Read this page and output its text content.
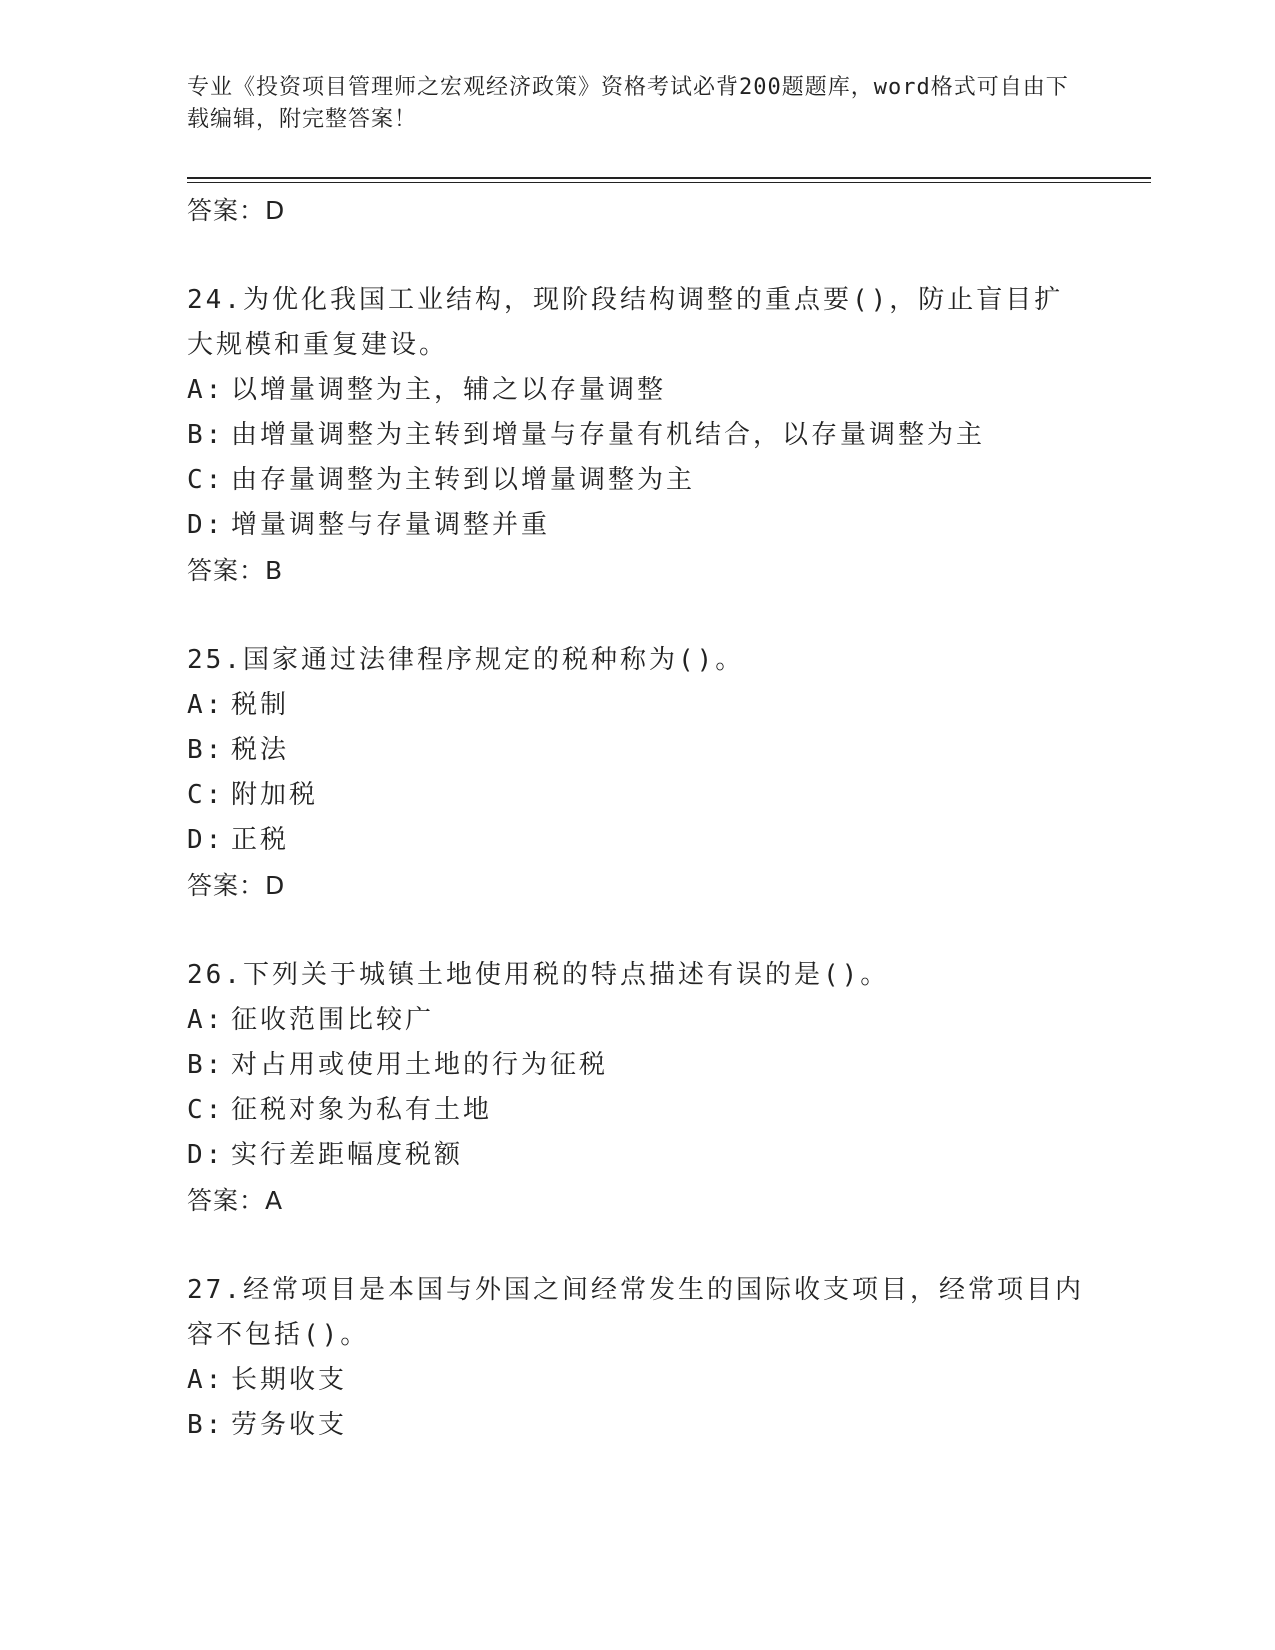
专业《投资项目管理师之宏观经济政策》资格考试必背200题题库，word格式可自由下载编辑，附完整答案！
答案：D
24.为优化我国工业结构，现阶段结构调整的重点要()，防止盲目扩大规模和重复建设。
A: 以增量调整为主，辅之以存量调整
B: 由增量调整为主转到增量与存量有机结合，以存量调整为主
C: 由存量调整为主转到以增量调整为主
D: 增量调整与存量调整并重
答案：B
25.国家通过法律程序规定的税种称为()。
A: 税制
B: 税法
C: 附加税
D: 正税
答案：D
26.下列关于城镇土地使用税的特点描述有误的是()。
A: 征收范围比较广
B: 对占用或使用土地的行为征税
C: 征税对象为私有土地
D: 实行差距幅度税额
答案：A
27.经常项目是本国与外国之间经常发生的国际收支项目，经常项目内容不包括()。
A: 长期收支
B: 劳务收支
